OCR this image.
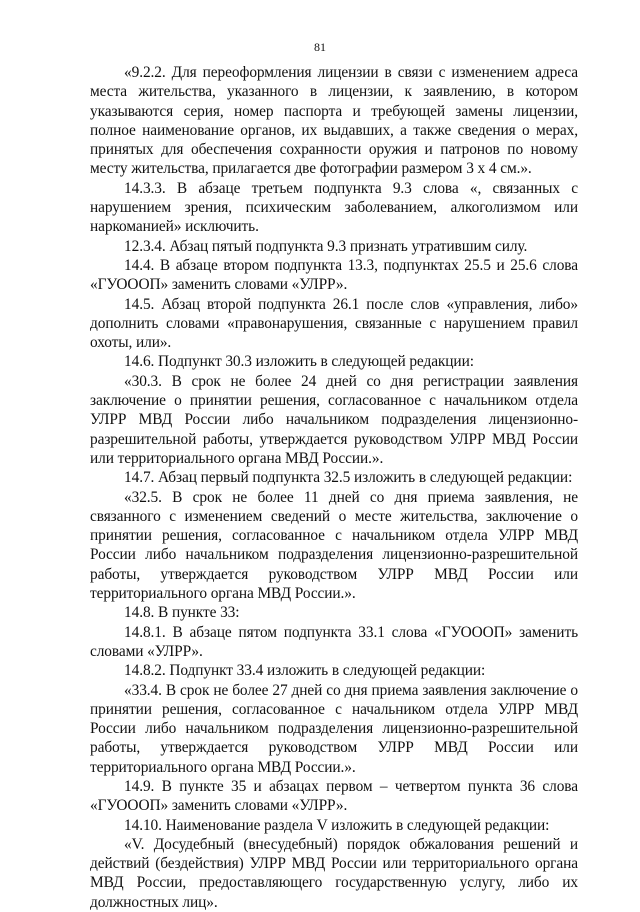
81

«9.2.2. Для переоформления лицензии в связи с изменением адреса места жительства, указанного в лицензии, к заявлению, в котором указываются серия, номер паспорта и требующей замены лицензии, полное наименование органов, их выдавших, а также сведения о мерах, принятых для обеспечения сохранности оружия и патронов по новому месту жительства, прилагается две фотографии размером 3 х 4 см.».

14.3.3. В абзаце третьем подпункта 9.3 слова «, связанных с нарушением зрения, психическим заболеванием, алкоголизмом или наркоманией» исключить.

12.3.4. Абзац пятый подпункта 9.3 признать утратившим силу.

14.4. В абзаце втором подпункта 13.3, подпунктах 25.5 и 25.6 слова «ГУОООП» заменить словами «УЛРР».

14.5. Абзац второй подпункта 26.1 после слов «управления, либо» дополнить словами «правонарушения, связанные с нарушением правил охоты, или».

14.6. Подпункт 30.3 изложить в следующей редакции:

«30.3. В срок не более 24 дней со дня регистрации заявления заключение о принятии решения, согласованное с начальником отдела УЛРР МВД России либо начальником подразделения лицензионно-разрешительной работы, утверждается руководством УЛРР МВД России или территориального органа МВД России.».

14.7. Абзац первый подпункта 32.5 изложить в следующей редакции:

«32.5. В срок не более 11 дней со дня приема заявления, не связанного с изменением сведений о месте жительства, заключение о принятии решения, согласованное с начальником отдела УЛРР МВД России либо начальником подразделения лицензионно-разрешительной работы, утверждается руководством УЛРР МВД России или территориального органа МВД России.».

14.8. В пункте 33:

14.8.1. В абзаце пятом подпункта 33.1 слова «ГУОООП» заменить словами «УЛРР».

14.8.2. Подпункт 33.4 изложить в следующей редакции:

«33.4. В срок не более 27 дней со дня приема заявления заключение о принятии решения, согласованное с начальником отдела УЛРР МВД России либо начальником подразделения лицензионно-разрешительной работы, утверждается руководством УЛРР МВД России или территориального органа МВД России.».

14.9. В пункте 35 и абзацах первом – четвертом пункта 36 слова «ГУОООП» заменить словами «УЛРР».

14.10. Наименование раздела V изложить в следующей редакции:

«V. Досудебный (внесудебный) порядок обжалования решений и действий (бездействия) УЛРР МВД России или территориального органа МВД России, предоставляющего государственную услугу, либо их должностных лиц».
